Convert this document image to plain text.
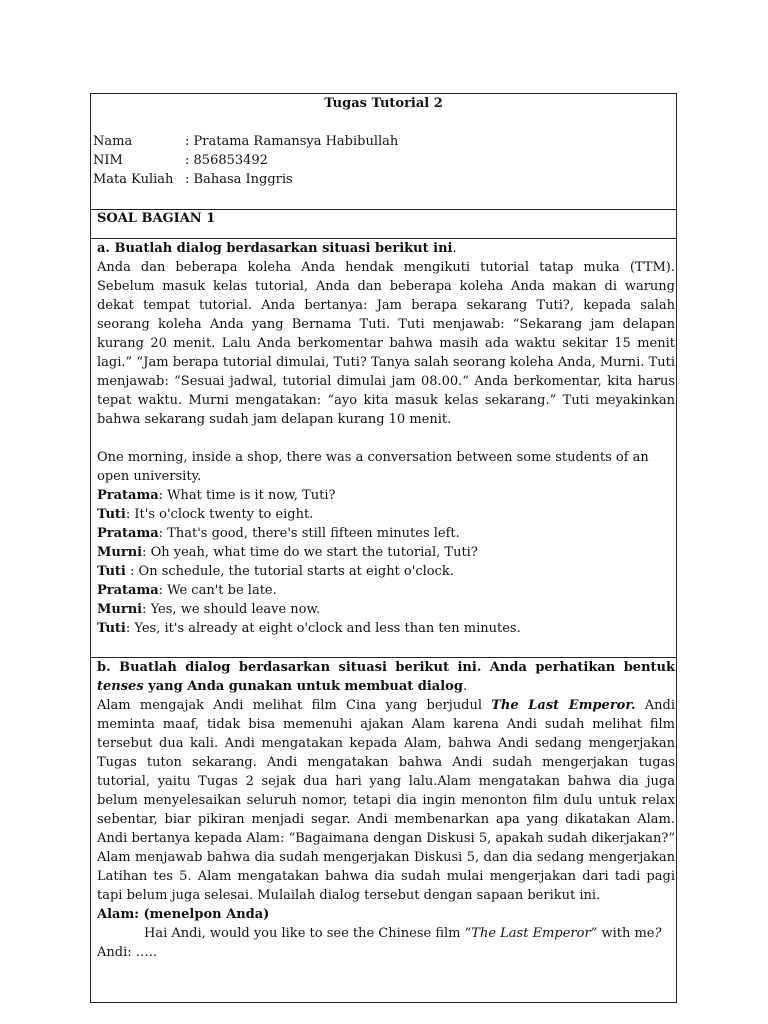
Tugas Tutorial 2
Nama	: Pratama Ramansya Habibullah
NIM	: 856853492
Mata Kuliah : Bahasa Inggris
SOAL BAGIAN 1
a. Buatlah dialog berdasarkan situasi berikut ini.
Anda dan beberapa koleha Anda hendak mengikuti tutorial tatap muka (TTM). Sebelum masuk kelas tutorial, Anda dan beberapa koleha Anda makan di warung dekat tempat tutorial. Anda bertanya: Jam berapa sekarang Tuti?, kepada salah seorang koleha Anda yang Bernama Tuti. Tuti menjawab: “Sekarang jam delapan kurang 20 menit. Lalu Anda berkomentar bahwa masih ada waktu sekitar 15 menit lagi.” “Jam berapa tutorial dimulai, Tuti? Tanya salah seorang koleha Anda, Murni. Tuti menjawab: “Sesuai jadwal, tutorial dimulai jam 08.00.“ Anda berkomentar, kita harus tepat waktu. Murni mengatakan: “ayo kita masuk kelas sekarang.” Tuti meyakinkan bahwa sekarang sudah jam delapan kurang 10 menit.
One morning, inside a shop, there was a conversation between some students of an open university.
Pratama: What time is it now, Tuti?
Tuti: It's o'clock twenty to eight.
Pratama: That's good, there's still fifteen minutes left.
Murni: Oh yeah, what time do we start the tutorial, Tuti?
Tuti : On schedule, the tutorial starts at eight o'clock.
Pratama: We can't be late.
Murni: Yes, we should leave now.
Tuti: Yes, it's already at eight o'clock and less than ten minutes.
b. Buatlah dialog berdasarkan situasi berikut ini. Anda perhatikan bentuk tenses yang Anda gunakan untuk membuat dialog.
Alam mengajak Andi melihat film Cina yang berjudul The Last Emperor. Andi meminta maaf, tidak bisa memenuhi ajakan Alam karena Andi sudah melihat film tersebut dua kali. Andi mengatakan kepada Alam, bahwa Andi sedang mengerjakan Tugas tuton sekarang. Andi mengatakan bahwa Andi sudah mengerjakan tugas tutorial, yaitu Tugas 2 sejak dua hari yang lalu.Alam mengatakan bahwa dia juga belum menyelesaikan seluruh nomor, tetapi dia ingin menonton film dulu untuk relax sebentar, biar pikiran menjadi segar. Andi membenarkan apa yang dikatakan Alam. Andi bertanya kepada Alam: “Bagaimana dengan Diskusi 5, apakah sudah dikerjakan?” Alam menjawab bahwa dia sudah mengerjakan Diskusi 5, dan dia sedang mengerjakan Latihan tes 5. Alam mengatakan bahwa dia sudah mulai mengerjakan dari tadi pagi tapi belum juga selesai. Mulailah dialog tersebut dengan sapaan berikut ini.
Alam: (menelpon Anda)
Hai Andi, would you like to see the Chinese film “The Last Emperor” with me?
Andi: …..
